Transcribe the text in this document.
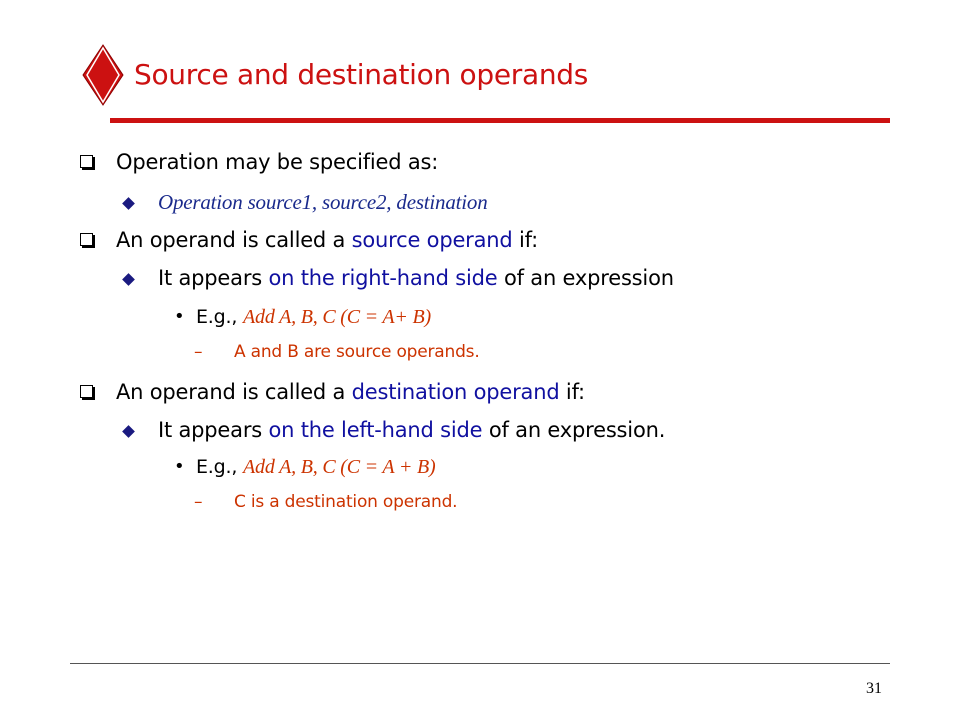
Source and destination operands
Operation may be specified as:
Operation source1, source2, destination
An operand is called a source operand if:
It appears on the right-hand side of an expression
• E.g., Add A, B, C (C = A+ B)
– A and B are source operands.
An operand is called a destination operand if:
It appears on the left-hand side of an expression.
• E.g., Add A, B, C (C = A + B)
– C is a destination operand.
31
